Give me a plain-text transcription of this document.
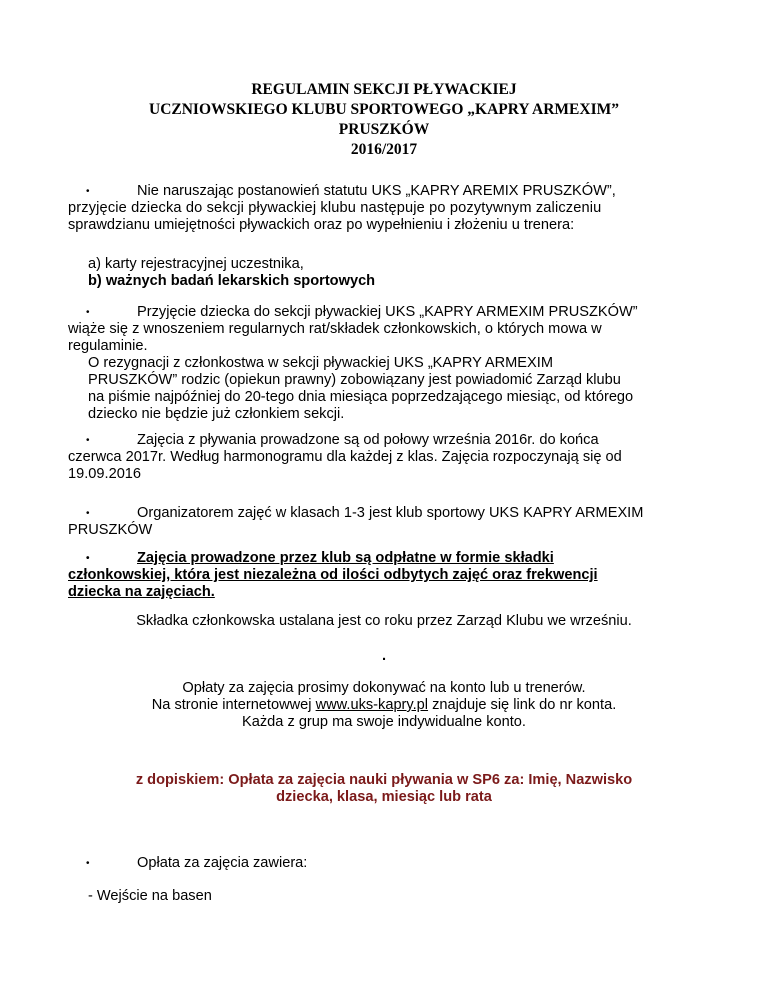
REGULAMIN SEKCJI PŁYWACKIEJ
UCZNIOWSKIEGO KLUBU SPORTOWEGO „KAPRY ARMEXIM”
PRUSZKÓW
2016/2017
•	Nie naruszając postanowień statutu UKS „KAPRY AREMIX PRUSZKÓW”,
przyjęcie dziecka do sekcji pływackiej klubu następuje po pozytywnym zaliczeniu
sprawdzianu umiejętności pływackich oraz po wypełnieniu i złożeniu u trenera:
a) karty rejestracyjnej uczestnika,
b) ważnych badań lekarskich sportowych
•	Przyjęcie dziecka do sekcji pływackiej UKS „KAPRY ARMEXIM PRUSZKÓW”
wiąże się z wnoszeniem regularnych rat/składek członkowskich, o których mowa w
regulaminie.
O rezygnacji z członkostwa w sekcji pływackiej UKS „KAPRY ARMEXIM
PRUSZKÓW” rodzic (opiekun prawny) zobowiązany jest powiadomić Zarząd klubu
na piśmie najpóźniej do 20-tego dnia miesiąca poprzedzającego miesiąc, od którego
dziecko nie będzie już członkiem sekcji.
•	Zajęcia z pływania prowadzone są od połowy września 2016r. do końca
czerwca 2017r. Według harmonogramu dla każdej z klas. Zajęcia rozpoczynają się od
19.09.2016
•	Organizatorem zajęć w klasach 1-3 jest klub sportowy UKS KAPRY ARMEXIM
PRUSZKÓW
•	Zajęcia prowadzone przez klub są odpłatne w formie składki
członkowskiej, która jest niezależna od ilości odbytych zajęć oraz frekwencji
dziecka na zajęciach.
Składka członkowska ustalana jest co roku przez Zarząd Klubu we wrześniu.
.
Opłaty za zajęcia prosimy dokonywać na konto lub u trenerów.
Na stronie internetowwej www.uks-kapry.pl znajduje się link do nr konta.
Każda z grup ma swoje indywidualne konto.
z dopiskiem: Opłata za zajęcia nauki pływania w SP6 za: Imię, Nazwisko
dziecka, klasa, miesiąc lub rata
•	Opłata za zajęcia zawiera:
- Wejście na basen
